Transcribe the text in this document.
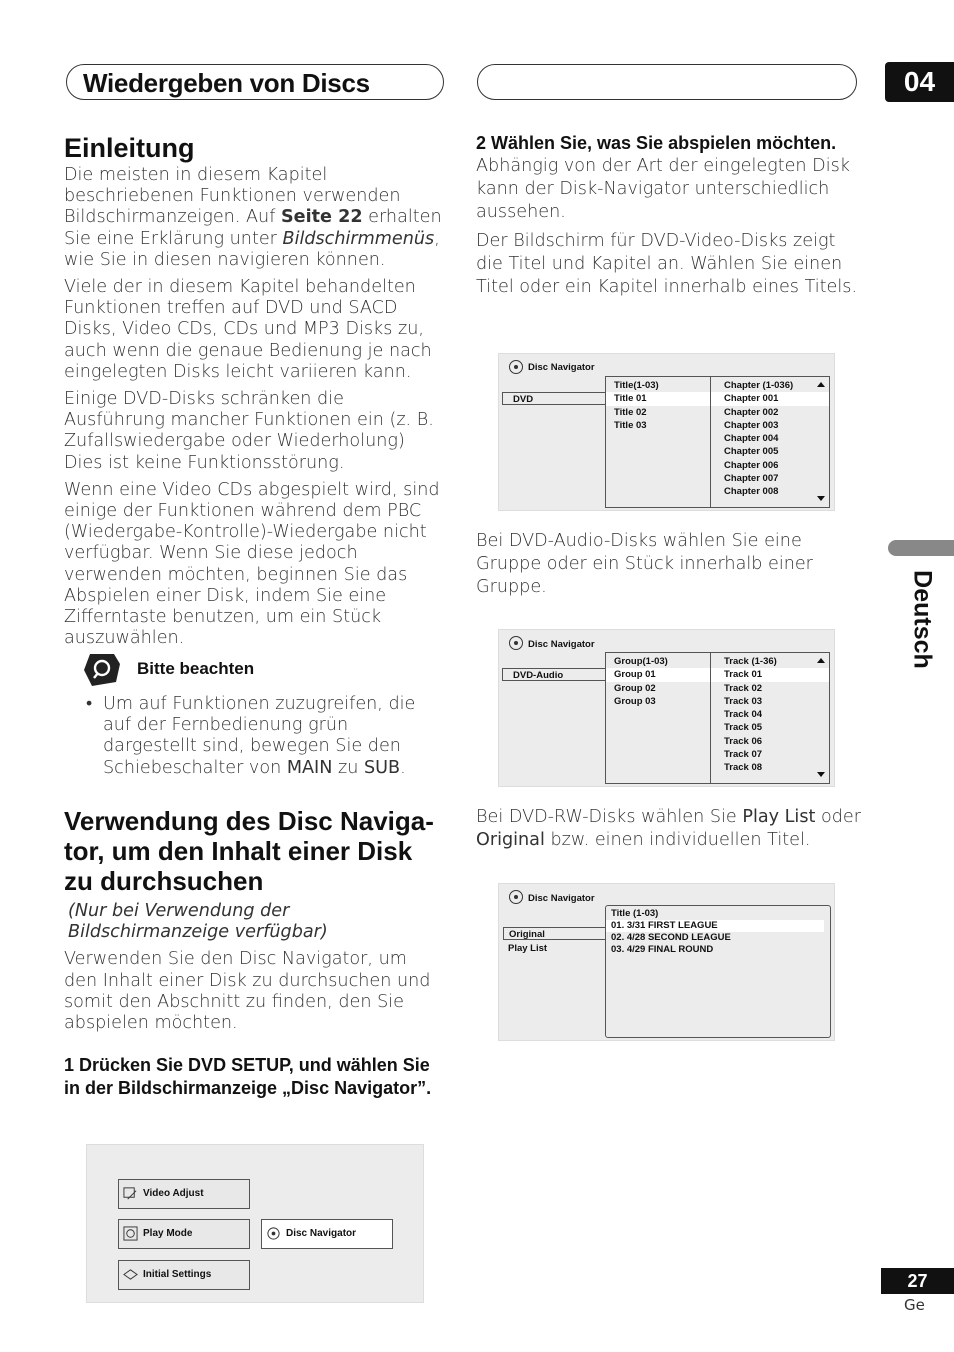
Wiedergeben von Discs	04
Deutsch
Einleitung

Die meisten in diesem Kapitel beschriebenen Funktionen verwenden Bildschirmanzeigen. Auf Seite 22 erhalten Sie eine Erklärung unter Bildschirmmenüs, wie Sie in diesen navigieren können.

Viele der in diesem Kapitel behandelten Funktionen treffen auf DVD und SACD Disks, Video CDs, CDs und MP3 Disks zu, auch wenn die genaue Bedienung je nach eingelegten Disks leicht variieren kann.

Einige DVD-Disks schränken die Ausführung mancher Funktionen ein (z. B. Zufallswiedergabe oder Wiederholung) Dies ist keine Funktionsstörung.

Wenn eine Video CDs abgespielt wird, sind einige der Funktionen während dem PBC (Wiedergabe-Kontrolle)-Wiedergabe nicht verfügbar. Wenn Sie diese jedoch verwenden möchten, beginnen Sie das Abspielen einer Disk, indem Sie eine Zifferntaste benutzen, um ein Stück auszuwählen.

Bitte beachten
• Um auf Funktionen zuzugreifen, die auf der Fernbedienung grün dargestellt sind, bewegen Sie den Schiebeschalter von MAIN zu SUB.

Verwendung des Disc Naviga-tor, um den Inhalt einer Disk zu durchsuchen

(Nur bei Verwendung der Bildschirmanzeige verfügbar)

Verwenden Sie den Disc Navigator, um den Inhalt einer Disk zu durchsuchen und somit den Abschnitt zu finden, den Sie abspielen möchten.

1 Drücken Sie DVD SETUP, und wählen Sie in der Bildschirmanzeige „Disc Navigator”.

Video Adjust
Play Mode	Disc Navigator
Initial Settings

2 Wählen Sie, was Sie abspielen möchten.

Abhängig von der Art der eingelegten Disk kann der Disk-Navigator unterschiedlich aussehen.

Der Bildschirm für DVD-Video-Disks zeigt die Titel und Kapitel an. Wählen Sie einen Titel oder ein Kapitel innerhalb eines Titels.

Disc Navigator
DVD
Title(1-03)
Title 01
Title 02
Title 03
Chapter (1-036)
Chapter 001
Chapter 002
Chapter 003
Chapter 004
Chapter 005
Chapter 006
Chapter 007
Chapter 008

Bei DVD-Audio-Disks wählen Sie eine Gruppe oder ein Stück innerhalb einer Gruppe.

Disc Navigator
DVD-Audio
Group(1-03)
Group 01
Group 02
Group 03
Track (1-36)
Track 01
Track 02
Track 03
Track 04
Track 05
Track 06
Track 07
Track 08

Bei DVD-RW-Disks wählen Sie Play List oder Original bzw. einen individuellen Titel.

Disc Navigator
Original
Play List
Title (1-03)
01. 3/31 FIRST LEAGUE
02. 4/28 SECOND LEAGUE
03. 4/29 FINAL ROUND
27
Ge
